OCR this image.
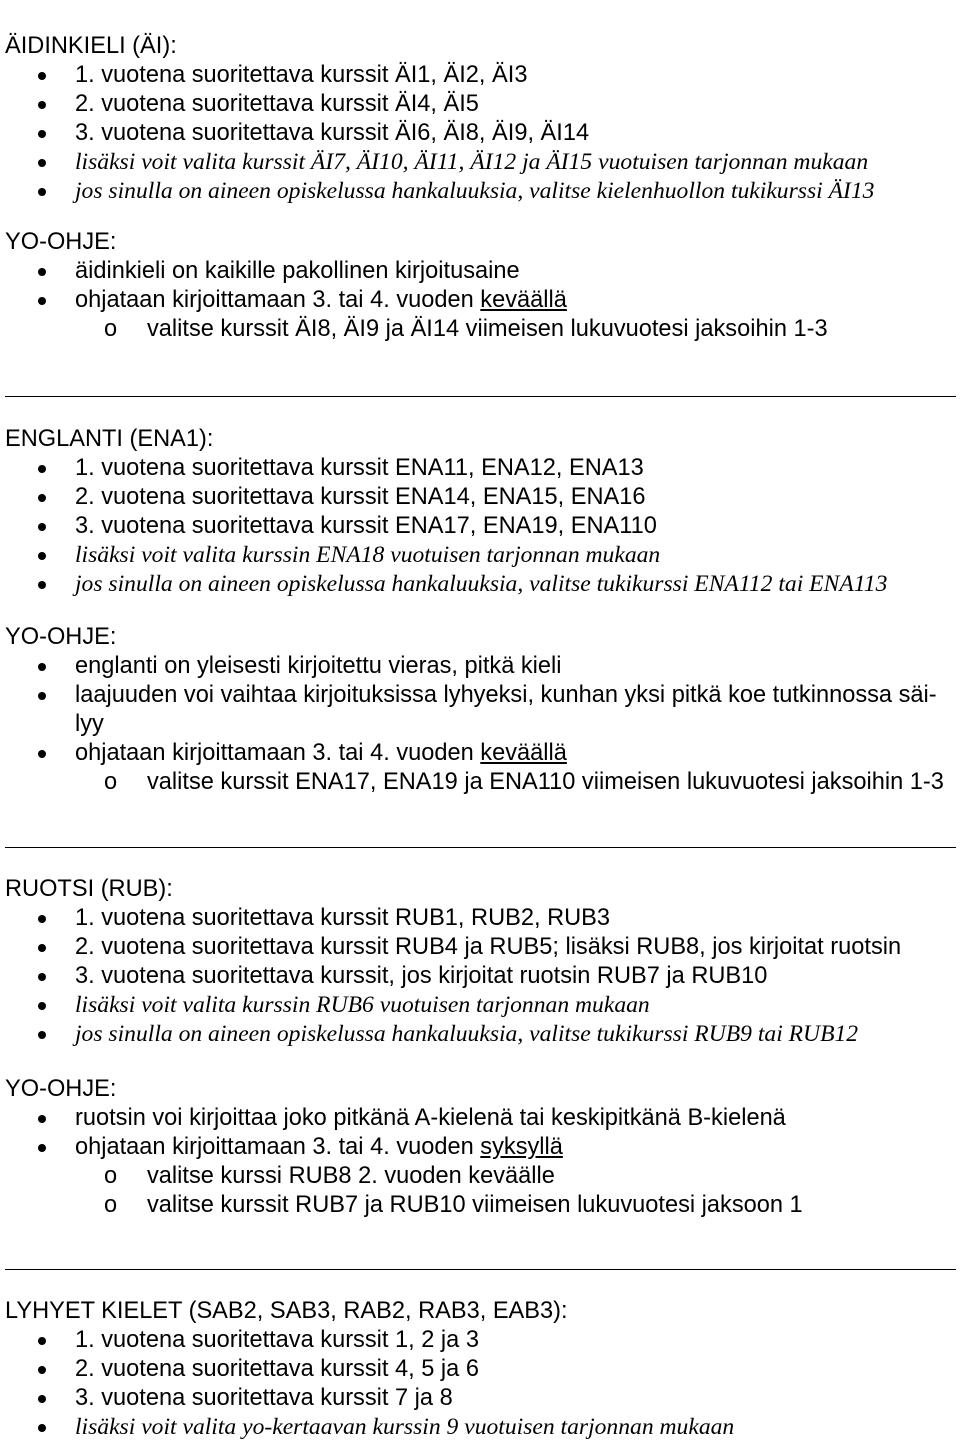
ÄIDINKIELI (ÄI):
1. vuotena suoritettava kurssit ÄI1, ÄI2, ÄI3
2. vuotena suoritettava kurssit ÄI4, ÄI5
3. vuotena suoritettava kurssit ÄI6, ÄI8, ÄI9, ÄI14
lisäksi voit valita kurssit ÄI7, ÄI10, ÄI11, ÄI12 ja ÄI15 vuotuisen tarjonnan mukaan
jos sinulla on aineen opiskelussa hankaluuksia, valitse kielenhuollon tukikurssi ÄI13
YO-OHJE:
äidinkieli on kaikille pakollinen kirjoitusaine
ohjataan kirjoittamaan 3. tai 4. vuoden keväällä
o valitse kurssit ÄI8, ÄI9 ja ÄI14 viimeisen lukuvuotesi jaksoihin 1-3
ENGLANTI (ENA1):
1. vuotena suoritettava kurssit ENA11, ENA12, ENA13
2. vuotena suoritettava kurssit ENA14, ENA15, ENA16
3. vuotena suoritettava kurssit ENA17, ENA19, ENA110
lisäksi voit valita kurssin ENA18 vuotuisen tarjonnan mukaan
jos sinulla on aineen opiskelussa hankaluuksia, valitse tukikurssi ENA112 tai ENA113
YO-OHJE:
englanti on yleisesti kirjoitettu vieras, pitkä kieli
laajuuden voi vaihtaa kirjoituksissa lyhyeksi, kunhan yksi pitkä koe tutkinnossa säi-
lyy
ohjataan kirjoittamaan 3. tai 4. vuoden keväällä
o valitse kurssit ENA17, ENA19 ja ENA110 viimeisen lukuvuotesi jaksoihin 1-3
RUOTSI (RUB):
1. vuotena suoritettava kurssit RUB1, RUB2, RUB3
2. vuotena suoritettava kurssit RUB4 ja RUB5; lisäksi RUB8, jos kirjoitat ruotsin
3. vuotena suoritettava kurssit, jos kirjoitat ruotsin RUB7 ja RUB10
lisäksi voit valita kurssin RUB6 vuotuisen tarjonnan mukaan
jos sinulla on aineen opiskelussa hankaluuksia, valitse tukikurssi RUB9 tai RUB12
YO-OHJE:
ruotsin voi kirjoittaa joko pitkänä A-kielenä tai keskipitkänä B-kielenä
ohjataan kirjoittamaan 3. tai 4. vuoden syksyllä
o valitse kurssi RUB8 2. vuoden keväälle
o valitse kurssit RUB7 ja RUB10 viimeisen lukuvuotesi jaksoon 1
LYHYET KIELET (SAB2, SAB3, RAB2, RAB3, EAB3):
1. vuotena suoritettava kurssit 1, 2 ja 3
2. vuotena suoritettava kurssit 4, 5 ja 6
3. vuotena suoritettava kurssit 7 ja 8
lisäksi voit valita yo-kertaavan kurssin 9 vuotuisen tarjonnan mukaan
